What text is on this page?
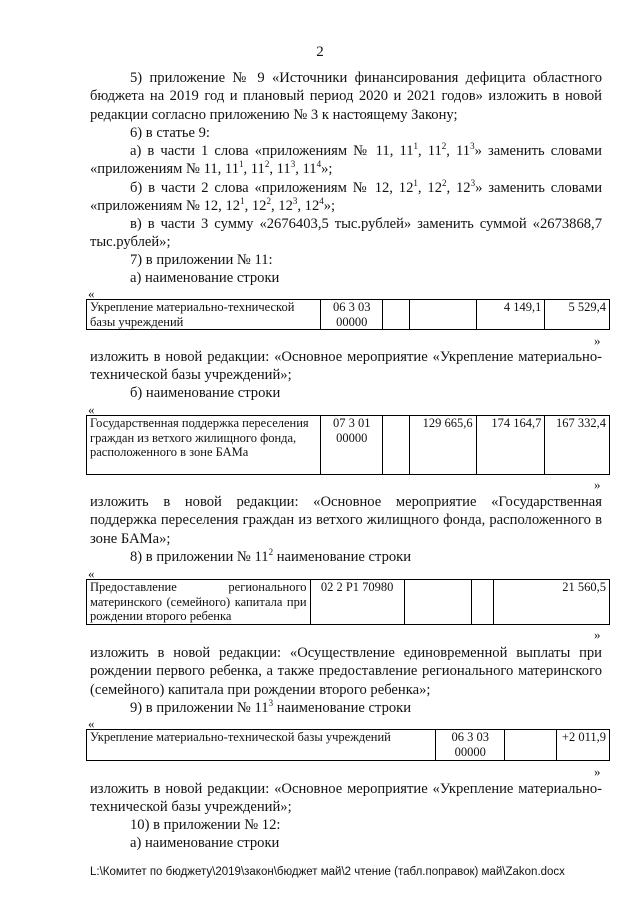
2
5) приложение № 9 «Источники финансирования дефицита областного бюджета на 2019 год и плановый период 2020 и 2021 годов» изложить в новой редакции согласно приложению № 3 к настоящему Закону;
6) в статье 9:
а) в части 1 слова «приложениям № 11, $11^1$, $11^2$, $11^3$» заменить словами «приложениям № 11, $11^1$, $11^2$, $11^3$, $11^4$»;
б) в части 2 слова «приложениям № 12, $12^1$, $12^2$, $12^3$» заменить словами «приложениям № 12, $12^1$, $12^2$, $12^3$, $12^4$»;
в) в части 3 сумму «2676403,5 тыс.рублей» заменить суммой «2673868,7 тыс.рублей»;
7) в приложении № 11:
а) наименование строки
«
Укрепление материально-технической базы учреждений	06 3 03 00000			4 149,1	5 529,4
»
изложить в новой редакции: «Основное мероприятие «Укрепление материально-технической базы учреждений»;
б) наименование строки
«
Государственная поддержка переселения граждан из ветхого жилищного фонда, расположенного в зоне БАМа	07 3 01 00000		129 665,6	174 164,7	167 332,4
»
изложить в новой редакции: «Основное мероприятие «Государственная поддержка переселения граждан из ветхого жилищного фонда, расположенного в зоне БАМа»;
8) в приложении № $11^2$ наименование строки
«
Предоставление регионального материнского (семейного) капитала при рождении второго ребенка	02 2 Р1 70980			21 560,5
»
изложить в новой редакции: «Осуществление единовременной выплаты при рождении первого ребенка, а также предоставление регионального материнского (семейного) капитала при рождении второго ребенка»;
9) в приложении № $11^3$ наименование строки
«
Укрепление материально-технической базы учреждений	06 3 03 00000		+2 011,9
»
изложить в новой редакции: «Основное мероприятие «Укрепление материально-технической базы учреждений»;
10) в приложении № 12:
а) наименование строки
L:\Комитет по бюджету\2019\закон\бюджет май\2 чтение (табл.поправок) май\Zakon.docx
